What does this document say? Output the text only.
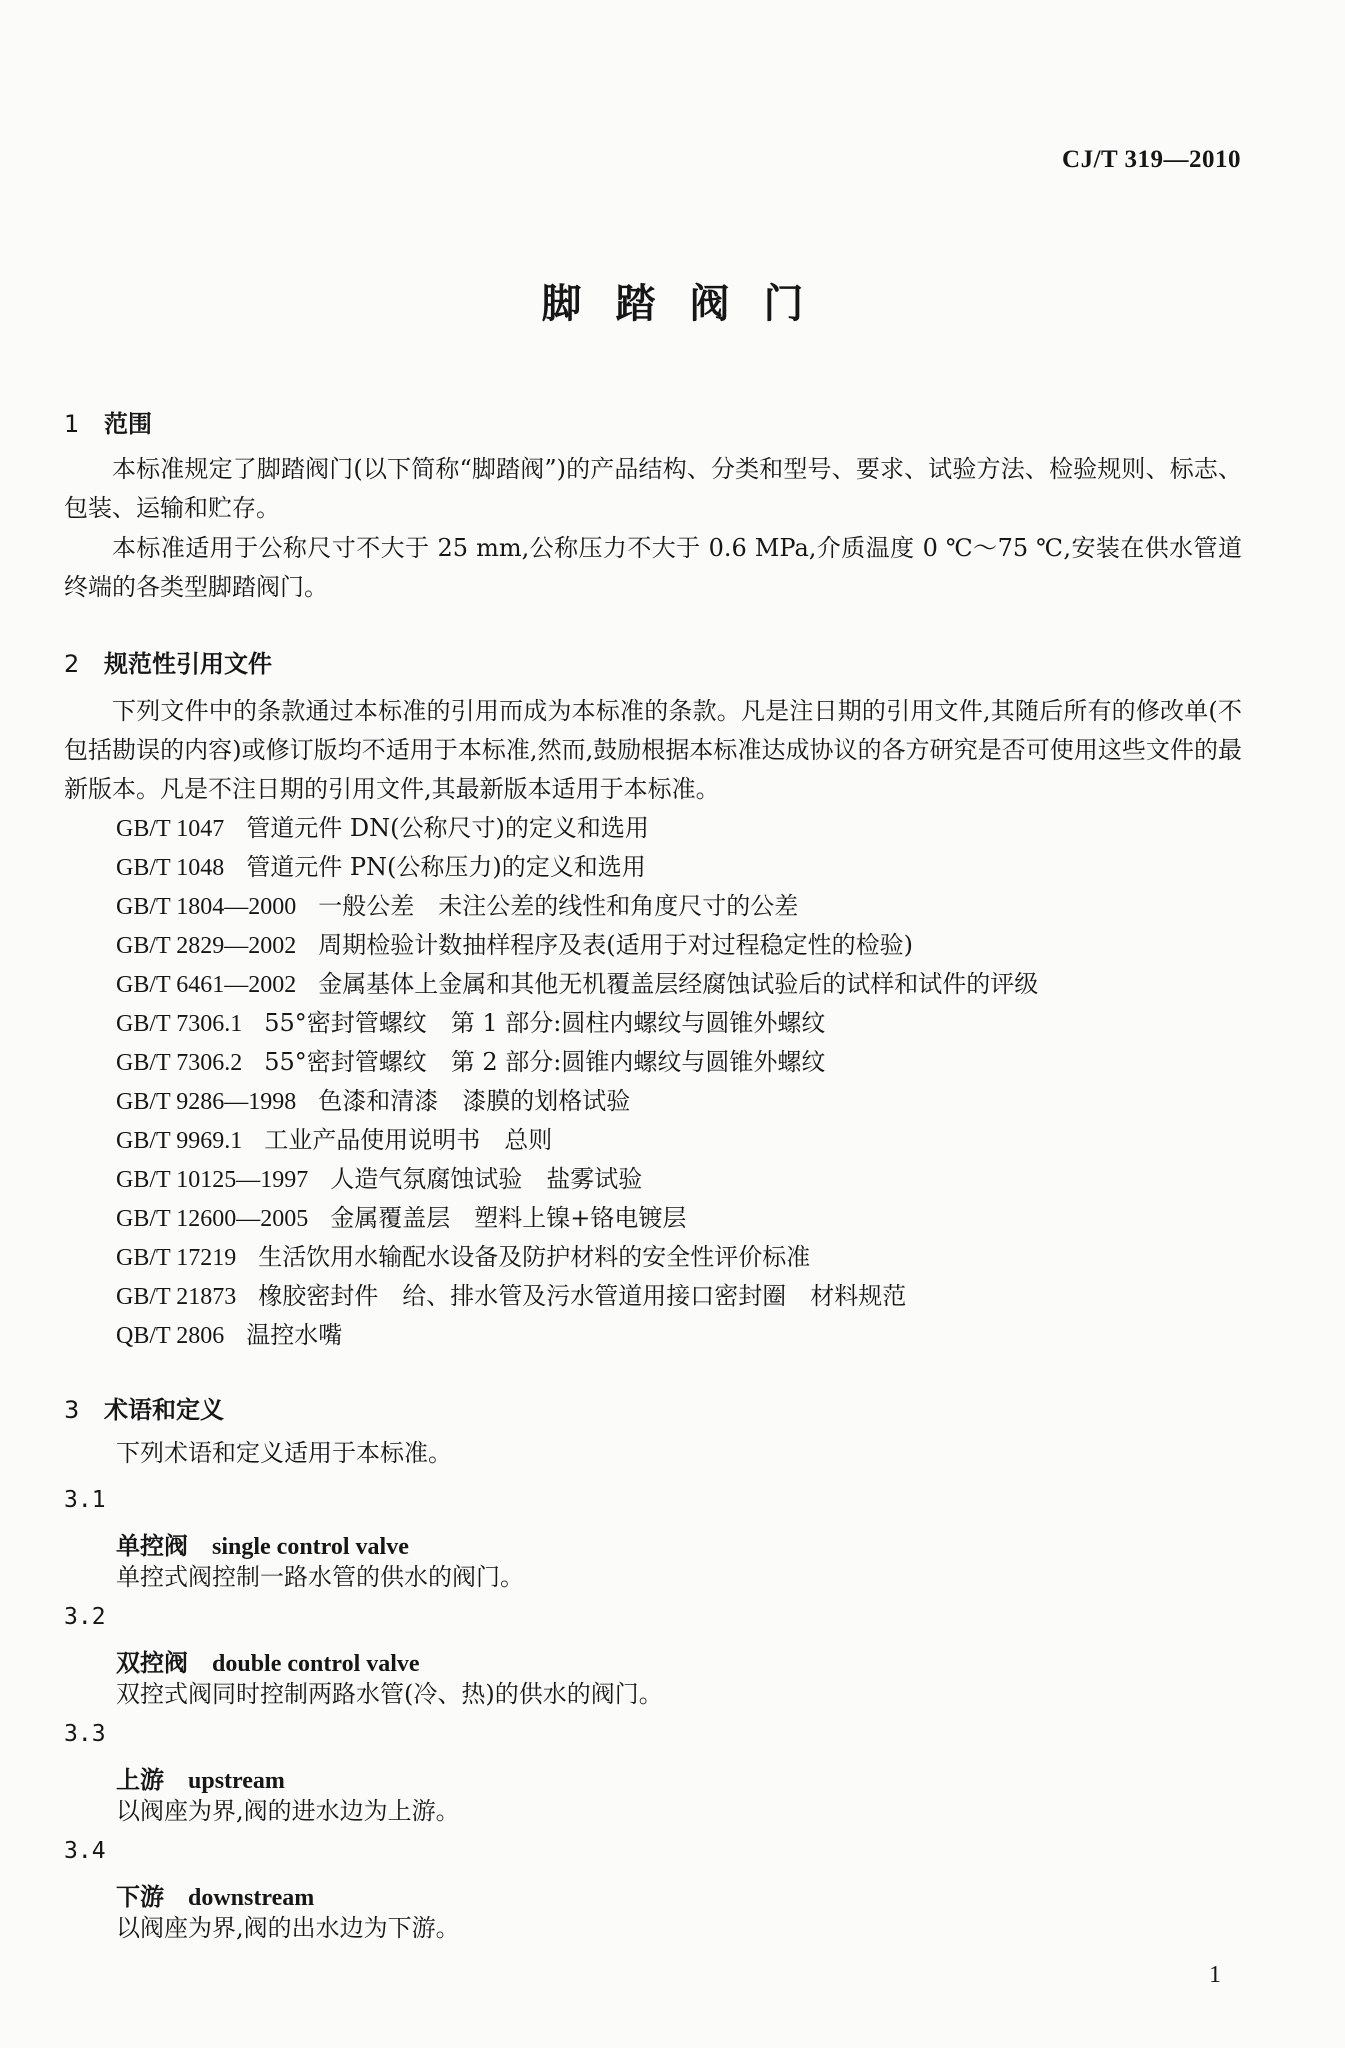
CJ/T 319—2010
脚踏阀门
1 范围
本标准规定了脚踏阀门(以下简称“脚踏阀”)的产品结构、分类和型号、要求、试验方法、检验规则、标志、包装、运输和贮存。
本标准适用于公称尺寸不大于 25 mm,公称压力不大于 0.6 MPa,介质温度 0 ℃～75 ℃,安装在供水管道终端的各类型脚踏阀门。
2 规范性引用文件
下列文件中的条款通过本标准的引用而成为本标准的条款。凡是注日期的引用文件,其随后所有的修改单(不包括勘误的内容)或修订版均不适用于本标准,然而,鼓励根据本标准达成协议的各方研究是否可使用这些文件的最新版本。凡是不注日期的引用文件,其最新版本适用于本标准。
GB/T 1047 管道元件 DN(公称尺寸)的定义和选用
GB/T 1048 管道元件 PN(公称压力)的定义和选用
GB/T 1804—2000 一般公差　未注公差的线性和角度尺寸的公差
GB/T 2829—2002 周期检验计数抽样程序及表(适用于对过程稳定性的检验)
GB/T 6461—2002 金属基体上金属和其他无机覆盖层经腐蚀试验后的试样和试件的评级
GB/T 7306.1 55°密封管螺纹　第 1 部分:圆柱内螺纹与圆锥外螺纹
GB/T 7306.2 55°密封管螺纹　第 2 部分:圆锥内螺纹与圆锥外螺纹
GB/T 9286—1998 色漆和清漆　漆膜的划格试验
GB/T 9969.1 工业产品使用说明书　总则
GB/T 10125—1997 人造气氛腐蚀试验　盐雾试验
GB/T 12600—2005 金属覆盖层　塑料上镍+铬电镀层
GB/T 17219 生活饮用水输配水设备及防护材料的安全性评价标准
GB/T 21873 橡胶密封件　给、排水管及污水管道用接口密封圈　材料规范
QB/T 2806 温控水嘴
3 术语和定义
下列术语和定义适用于本标准。
3.1
单控阀 single control valve
单控式阀控制一路水管的供水的阀门。
3.2
双控阀 double control valve
双控式阀同时控制两路水管(冷、热)的供水的阀门。
3.3
上游 upstream
以阀座为界,阀的进水边为上游。
3.4
下游 downstream
以阀座为界,阀的出水边为下游。
1
